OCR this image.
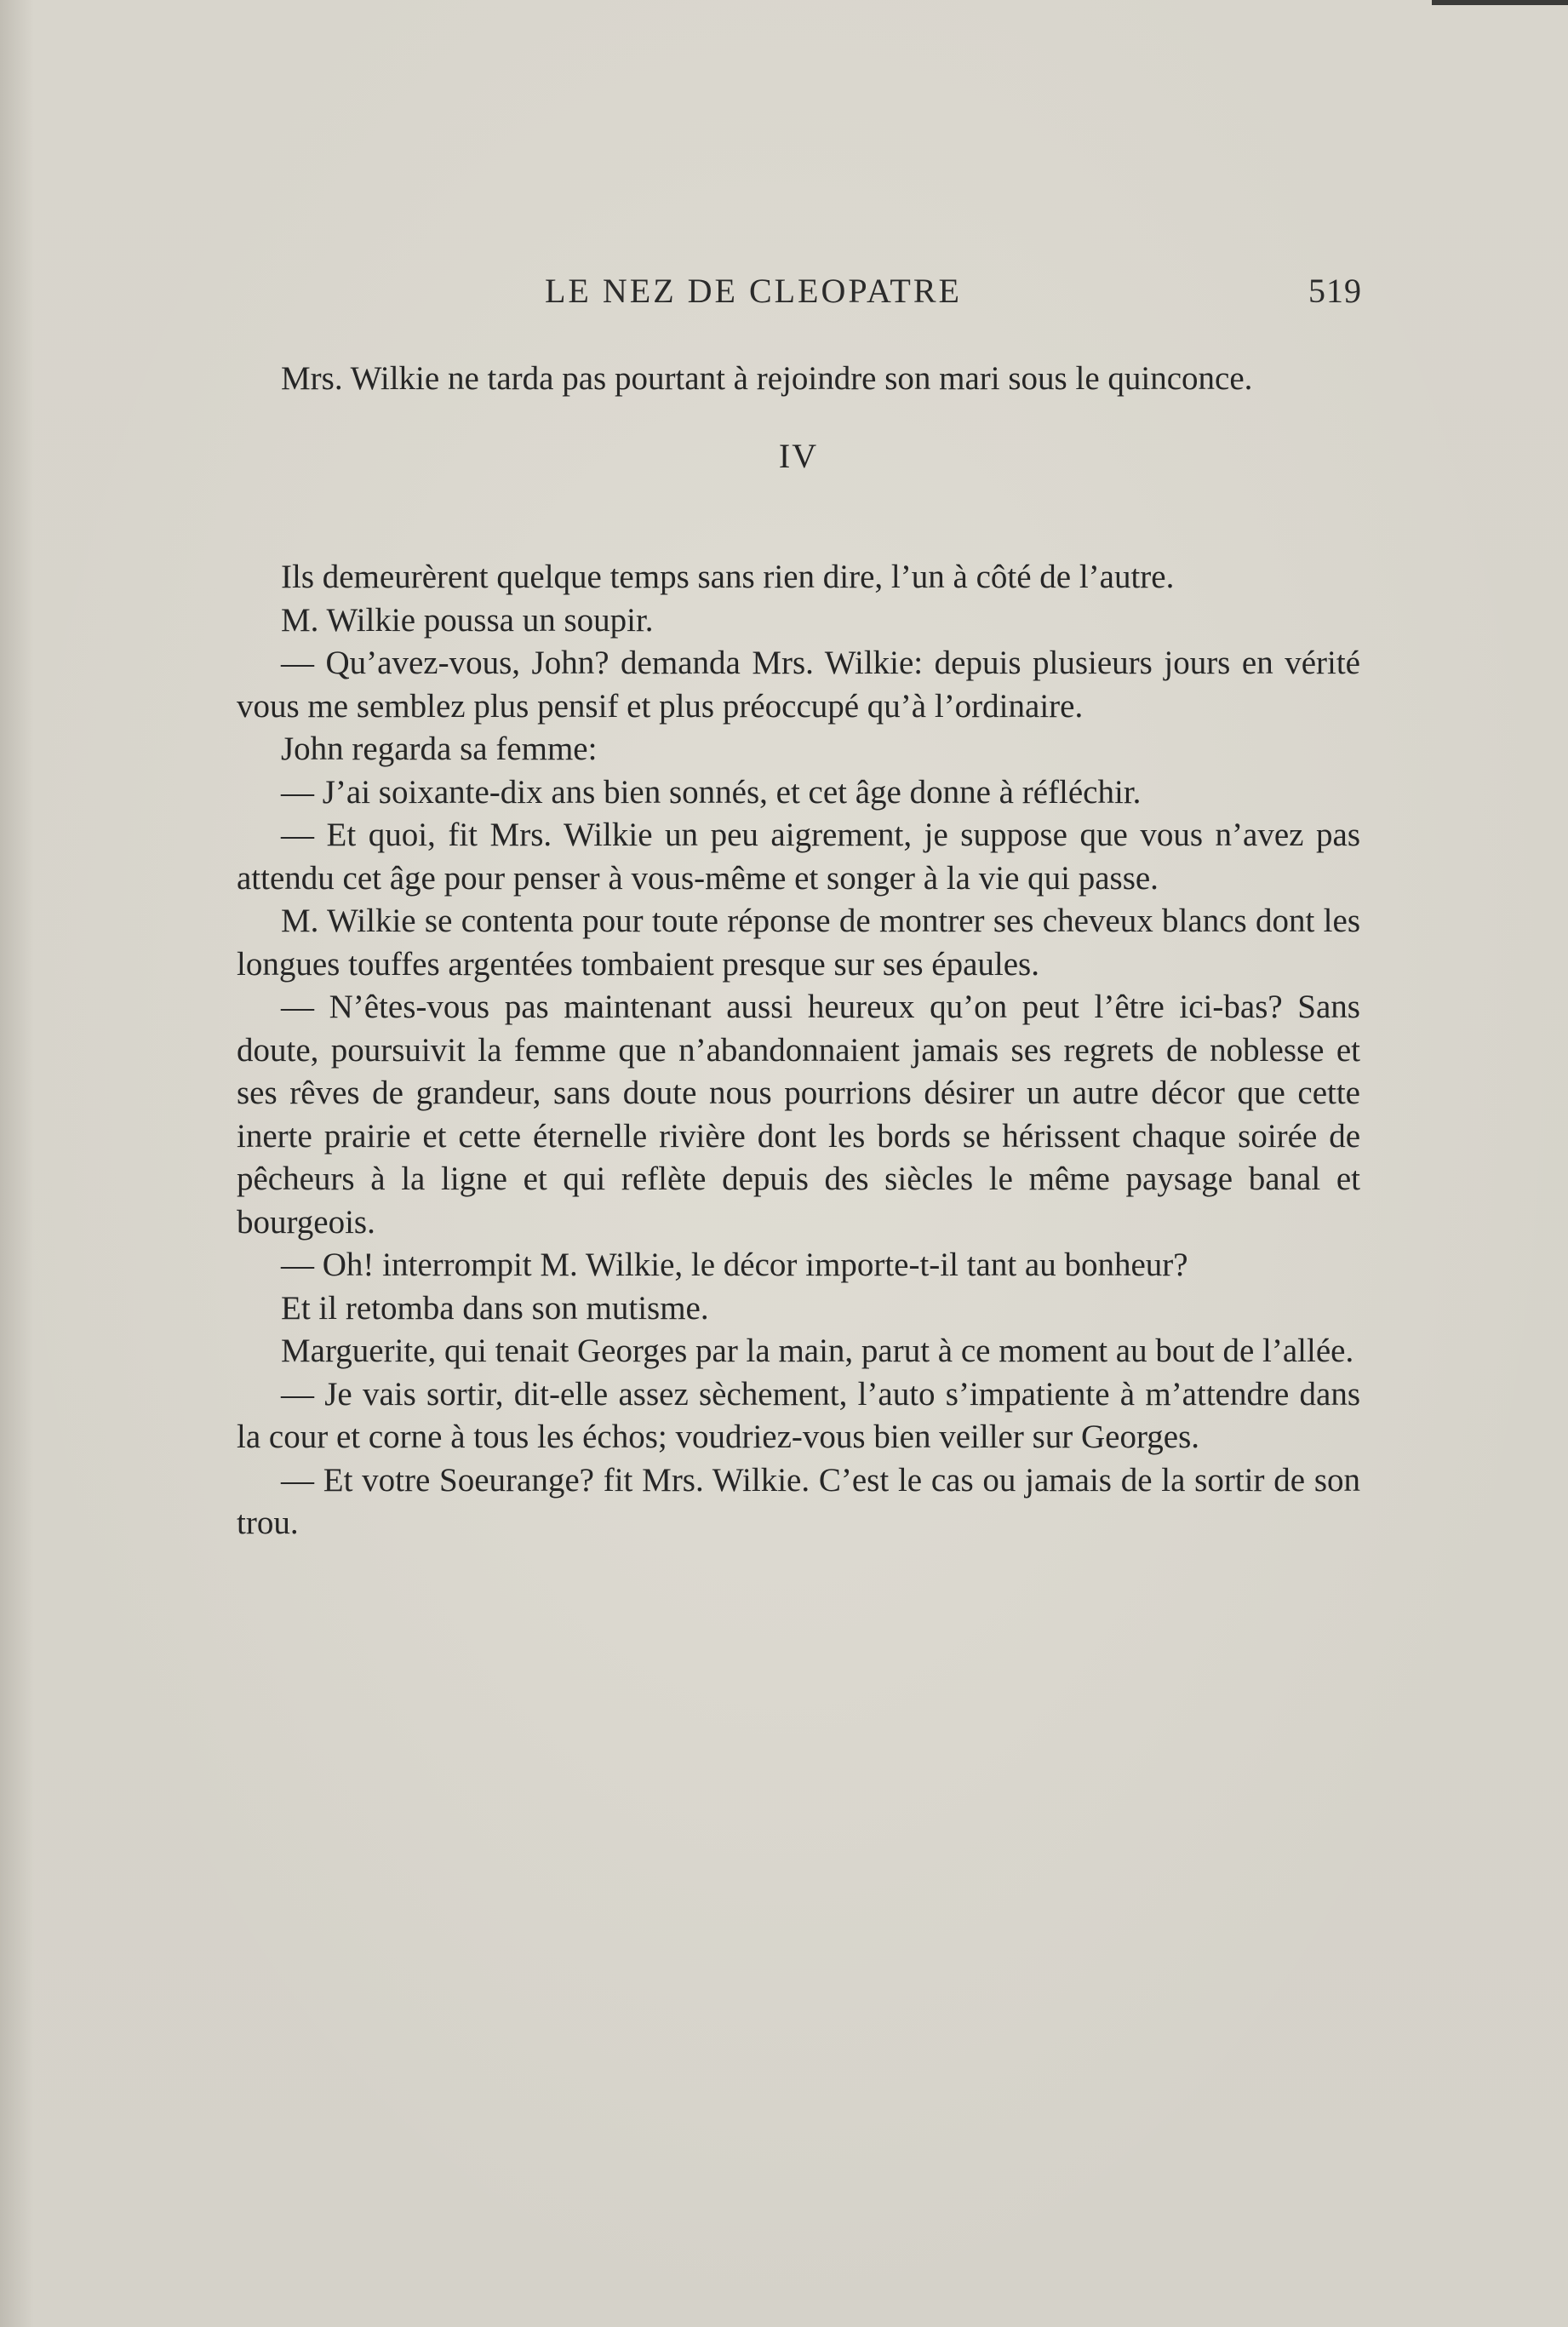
LE NEZ DE CLEOPATRE	519

Mrs. Wilkie ne tarda pas pourtant à rejoindre son mari sous le quinconce.

IV

Ils demeurèrent quelque temps sans rien dire, l’un à côté de l’autre.

M. Wilkie poussa un soupir.

— Qu’avez-vous, John? demanda Mrs. Wilkie: depuis plusieurs jours en vérité vous me semblez plus pensif et plus préoccupé qu’à l’ordinaire.

John regarda sa femme:

— J’ai soixante-dix ans bien sonnés, et cet âge donne à réfléchir.

— Et quoi, fit Mrs. Wilkie un peu aigrement, je suppose que vous n’avez pas attendu cet âge pour penser à vous-même et songer à la vie qui passe.

M. Wilkie se contenta pour toute réponse de montrer ses cheveux blancs dont les longues touffes argentées tombaient presque sur ses épaules.

— N’êtes-vous pas maintenant aussi heureux qu’on peut l’être ici-bas? Sans doute, poursuivit la femme que n’abandonnaient jamais ses regrets de noblesse et ses rêves de grandeur, sans doute nous pourrions désirer un autre décor que cette inerte prairie et cette éternelle rivière dont les bords se hérissent chaque soirée de pêcheurs à la ligne et qui reflète depuis des siècles le même paysage banal et bourgeois.

— Oh! interrompit M. Wilkie, le décor importe-t-il tant au bonheur?

Et il retomba dans son mutisme.

Marguerite, qui tenait Georges par la main, parut à ce moment au bout de l’allée.

— Je vais sortir, dit-elle assez sèchement, l’auto s’impatiente à m’attendre dans la cour et corne à tous les échos; voudriez-vous bien veiller sur Georges.

— Et votre Soeurange? fit Mrs. Wilkie. C’est le cas ou jamais de la sortir de son trou.
